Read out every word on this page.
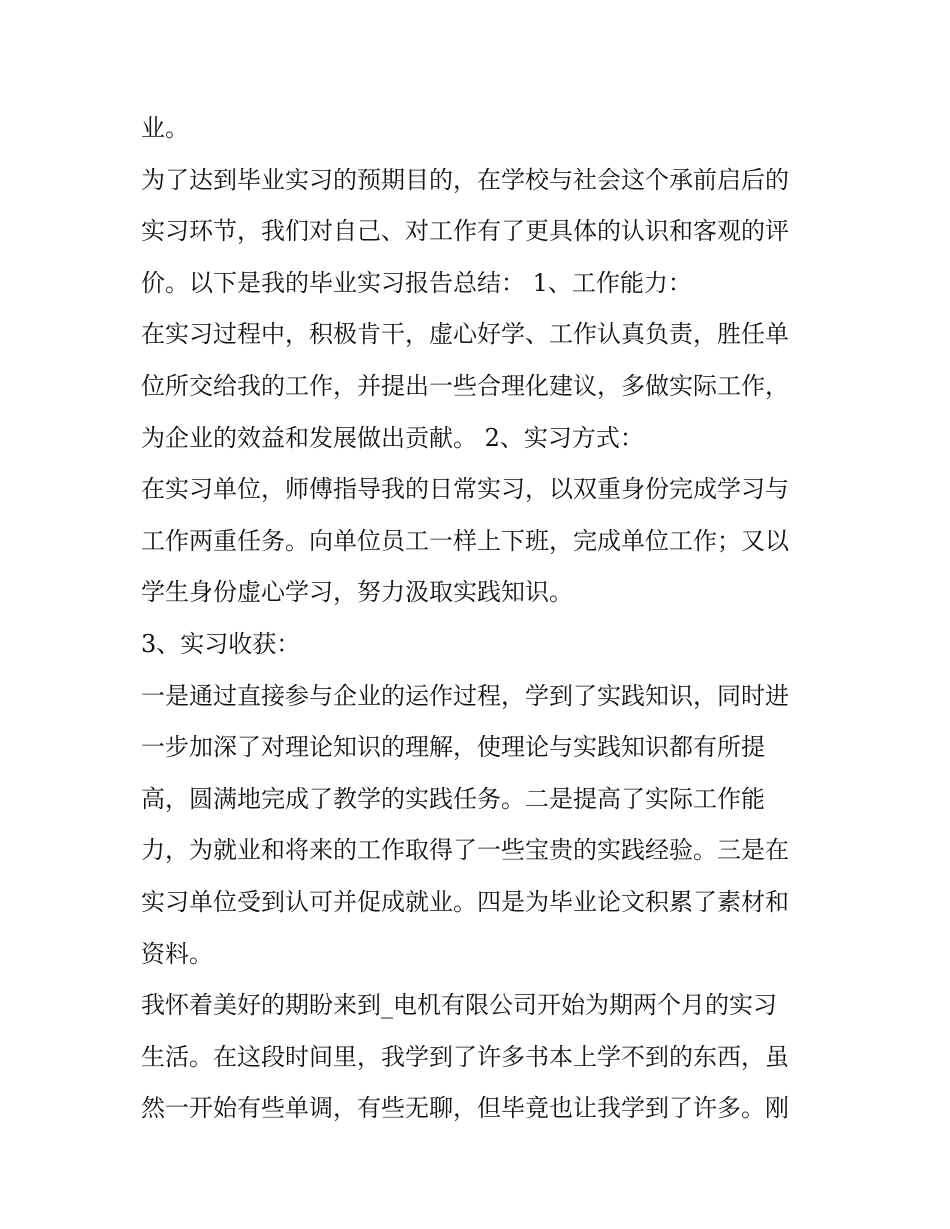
业。
为了达到毕业实习的预期目的，在学校与社会这个承前启后的
实习环节，我们对自己、对工作有了更具体的认识和客观的评
价。以下是我的毕业实习报告总结： 1、工作能力：
在实习过程中，积极肯干，虚心好学、工作认真负责，胜任单
位所交给我的工作，并提出一些合理化建议，多做实际工作，
为企业的效益和发展做出贡献。 2、实习方式：
在实习单位，师傅指导我的日常实习，以双重身份完成学习与
工作两重任务。向单位员工一样上下班，完成单位工作；又以
学生身份虚心学习，努力汲取实践知识。
3、实习收获：
一是通过直接参与企业的运作过程，学到了实践知识，同时进
一步加深了对理论知识的理解，使理论与实践知识都有所提
高，圆满地完成了教学的实践任务。二是提高了实际工作能
力，为就业和将来的工作取得了一些宝贵的实践经验。三是在
实习单位受到认可并促成就业。四是为毕业论文积累了素材和
资料。
我怀着美好的期盼来到_电机有限公司开始为期两个月的实习
生活。在这段时间里，我学到了许多书本上学不到的东西，虽
然一开始有些单调，有些无聊，但毕竟也让我学到了许多。刚
